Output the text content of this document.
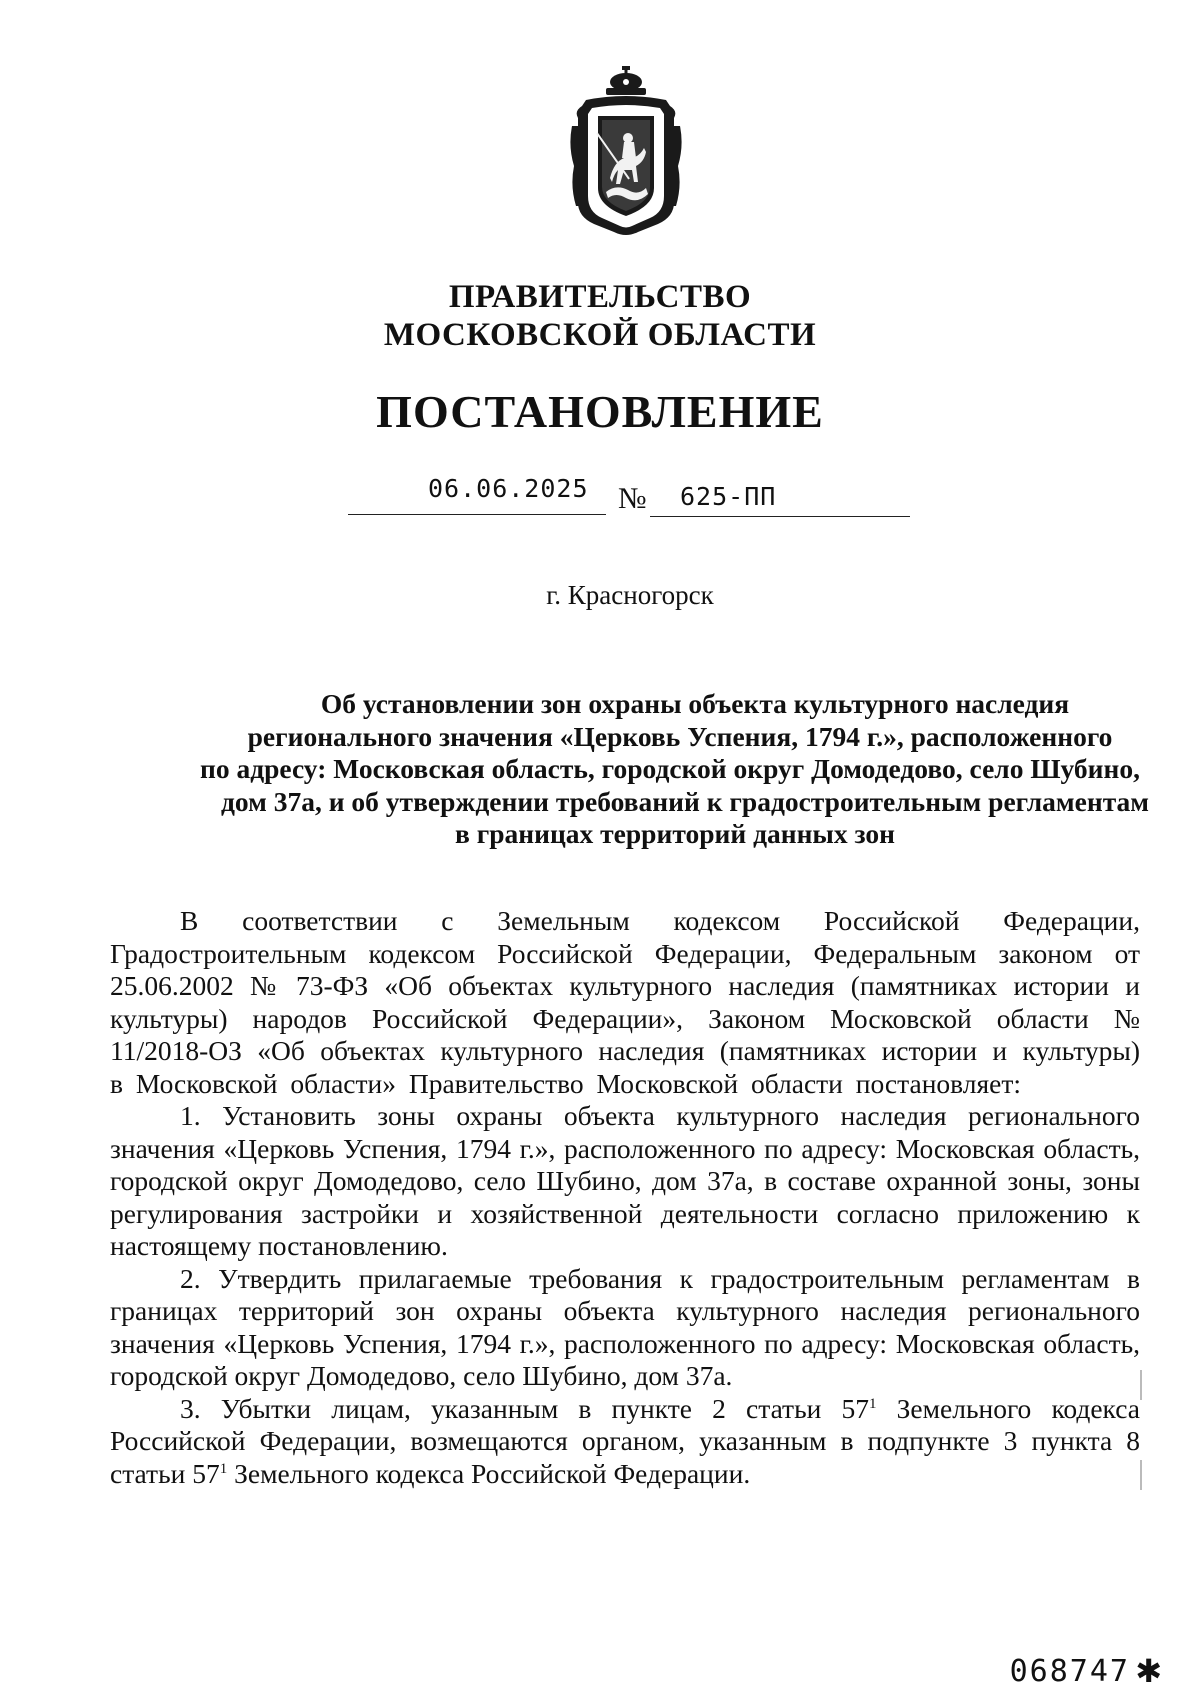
ПРАВИТЕЛЬСТВО
МОСКОВСКОЙ ОБЛАСТИ
ПОСТАНОВЛЕНИЕ
06.06.2025 № 625-ПП
г. Красногорск
Об установлении зон охраны объекта культурного наследия
регионального значения «Церковь Успения, 1794 г.», расположенного
по адресу: Московская область, городской округ Домодедово, село Шубино,
дом 37а, и об утверждении требований к градостроительным регламентам
в границах территорий данных зон

В соответствии с Земельным кодексом Российской Федерации, Градостроительным кодексом Российской Федерации, Федеральным законом от 25.06.2002 № 73-ФЗ «Об объектах культурного наследия (памятниках истории и культуры) народов Российской Федерации», Законом Московской области № 11/2018-ОЗ «Об объектах культурного наследия (памятниках истории и культуры) в Московской области» Правительство Московской области постановляет:

1. Установить зоны охраны объекта культурного наследия регионального значения «Церковь Успения, 1794 г.», расположенного по адресу: Московская область, городской округ Домодедово, село Шубино, дом 37а, в составе охранной зоны, зоны регулирования застройки и хозяйственной деятельности согласно приложению к настоящему постановлению.

2. Утвердить прилагаемые требования к градостроительным регламентам в границах территорий зон охраны объекта культурного наследия регионального значения «Церковь Успения, 1794 г.», расположенного по адресу: Московская область, городской округ Домодедово, село Шубино, дом 37а.

3. Убытки лицам, указанным в пункте 2 статьи $57^1$ Земельного кодекса Российской Федерации, возмещаются органом, указанным в подпункте 3 пункта 8 статьи $57^1$ Земельного кодекса Российской Федерации.

068747 ✱
